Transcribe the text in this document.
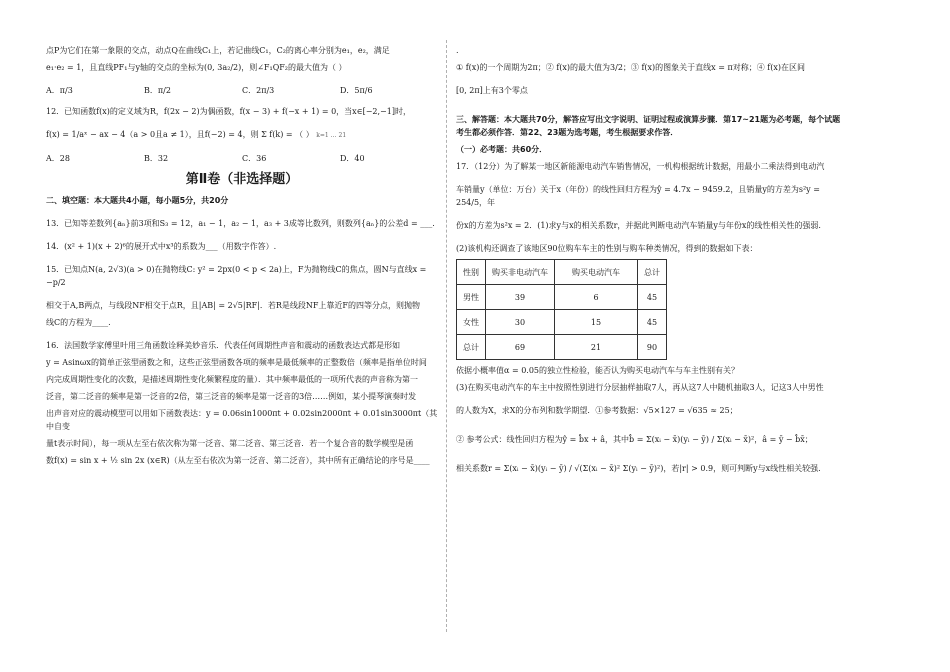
点P为它们在第一象限的交点，动点Q在曲线C₁上，若记曲线C₁，C₂的离心率分别为e₁，e₂，满足

e₁·e₂ = 1，且直线PF₁与y轴的交点的坐标为(0, 3a₂/2)，则∠F₁QF₂的最大值为（ ）

A．π/3	B．π/2	C．2π/3	D．5π/6

12．已知函数f(x)的定义域为R，f(2x − 2)为偶函数，f(x − 3) + f(−x + 1) = 0，当x∈[−2,−1]时，

f(x) = 1/aˣ − ax − 4（a > 0且a ≠ 1），且f(−2) = 4，则 Σ f(k) = （ ） k=1 … 21

A．28	B．32	C．36	D．40
第Ⅱ卷（非选择题）

二、填空题：本大题共4小题，每小题5分，共20分

13．已知等差数列{aₙ}前3项和S₃ = 12，a₁ − 1，a₂ − 1，a₃ + 3成等比数列，则数列{aₙ}的公差d = ___.

14．(x² + 1)(x + 2)⁶的展开式中x³的系数为___（用数字作答）.

15．已知点N(a, 2√3)(a > 0)在抛物线C: y² = 2px(0 < p < 2a)上，F为抛物线C的焦点，圆N与直线x = −p/2

相交于A,B两点，与线段NF相交于点R，且|AB| = 2√5|RF|．若R是线段NF上靠近F的四等分点，则抛物

线C的方程为____.

16．法国数学家傅里叶用三角函数诠释美妙音乐．代表任何周期性声音和震动的函数表达式都是形如

y = Asinωx的简单正弦型函数之和，这些正弦型函数各项的频率是最低频率的正整数倍（频率是指单位时间

内完成周期性变化的次数，是描述周期性变化频繁程度的量）．其中频率最低的一项所代表的声音称为第一

泛音，第二泛音的频率是第一泛音的2倍，第三泛音的频率是第一泛音的3倍……例如，某小提琴演奏时发

出声音对应的震动模型可以用如下函数表达：y = 0.06sin1000πt + 0.02sin2000πt + 0.01sin3000πt（其中自变

量t表示时间），每一项从左至右依次称为第一泛音、第二泛音、第三泛音．若一个复合音的数学模型是函

数f(x) = sin x + ½ sin 2x (x∈R)（从左至右依次为第一泛音、第二泛音），其中所有正确结论的序号是____

.

① f(x)的一个周期为2π；② f(x)的最大值为3/2；③ f(x)的图象关于直线x = π对称；④ f(x)在区间

[0, 2π]上有3个零点

三、解答题：本大题共70分，解答应写出文字说明、证明过程或演算步骤．第17~21题为必考题，每个试题考生都必须作答．第22、23题为选考题，考生根据要求作答．

（一）必考题：共60分．

17．（12分）为了解某一地区新能源电动汽车销售情况，一机构根据统计数据，用最小二乘法得到电动汽

车销量y（单位：万台）关于x（年份）的线性回归方程为ŷ = 4.7x − 9459.2，且销量y的方差为s²y = 254/5，年

份x的方差为s²x = 2．(1)求y与x的相关系数r，并据此判断电动汽车销量y与年份x的线性相关性的强弱.

(2)该机构还调查了该地区90位购车车主的性别与购车种类情况，得到的数据如下表：

性别	购买非电动汽车	购买电动汽车	总计
男性	39	6	45
女性	30	15	45
总计	69	21	90

依据小概率值α = 0.05的独立性检验，能否认为购买电动汽车与车主性别有关？

(3)在购买电动汽车的车主中按照性别进行分层抽样抽取7人，再从这7人中随机抽取3人，记这3人中男性

的人数为X，求X的分布列和数学期望．①参考数据：√5×127 = √635 ≈ 25；

② 参考公式：线性回归方程为ŷ = b̂x + â，其中b̂ = Σ(xᵢ − x̄)(yᵢ − ȳ) / Σ(xᵢ − x̄)²，â = ȳ − b̂x̄；

相关系数r = Σ(xᵢ − x̄)(yᵢ − ȳ) / √(Σ(xᵢ − x̄)² Σ(yᵢ − ȳ)²)，若|r| > 0.9，则可判断y与x线性相关较强.
